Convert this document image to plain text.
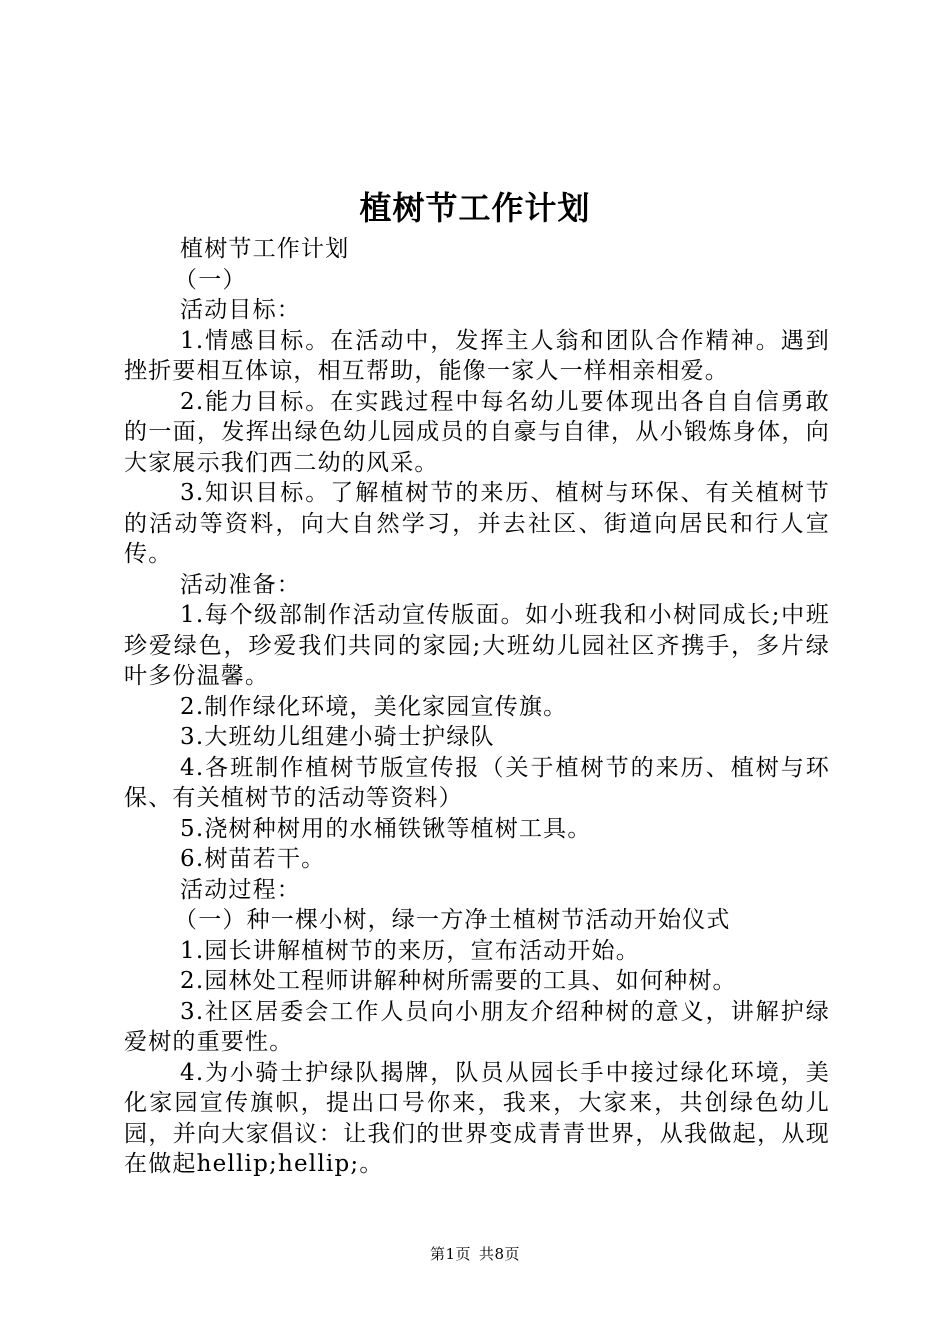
植树节工作计划

植树节工作计划

（一）

活动目标：

1.情感目标。在活动中，发挥主人翁和团队合作精神。遇到挫折要相互体谅，相互帮助，能像一家人一样相亲相爱。

2.能力目标。在实践过程中每名幼儿要体现出各自自信勇敢的一面，发挥出绿色幼儿园成员的自豪与自律，从小锻炼身体，向大家展示我们西二幼的风采。

3.知识目标。了解植树节的来历、植树与环保、有关植树节的活动等资料，向大自然学习，并去社区、街道向居民和行人宣传。

活动准备：

1.每个级部制作活动宣传版面。如小班我和小树同成长;中班珍爱绿色，珍爱我们共同的家园;大班幼儿园社区齐携手，多片绿叶多份温馨。

2.制作绿化环境，美化家园宣传旗。

3.大班幼儿组建小骑士护绿队

4.各班制作植树节版宣传报（关于植树节的来历、植树与环保、有关植树节的活动等资料）

5.浇树种树用的水桶铁锹等植树工具。

6.树苗若干。

活动过程：

（一）种一棵小树，绿一方净土植树节活动开始仪式

1.园长讲解植树节的来历，宣布活动开始。

2.园林处工程师讲解种树所需要的工具、如何种树。

3.社区居委会工作人员向小朋友介绍种树的意义，讲解护绿爱树的重要性。

4.为小骑士护绿队揭牌，队员从园长手中接过绿化环境，美化家园宣传旗帜，提出口号你来，我来，大家来，共创绿色幼儿园，并向大家倡议：让我们的世界变成青青世界，从我做起，从现在做起hellip;hellip;。

第1页 共8页
